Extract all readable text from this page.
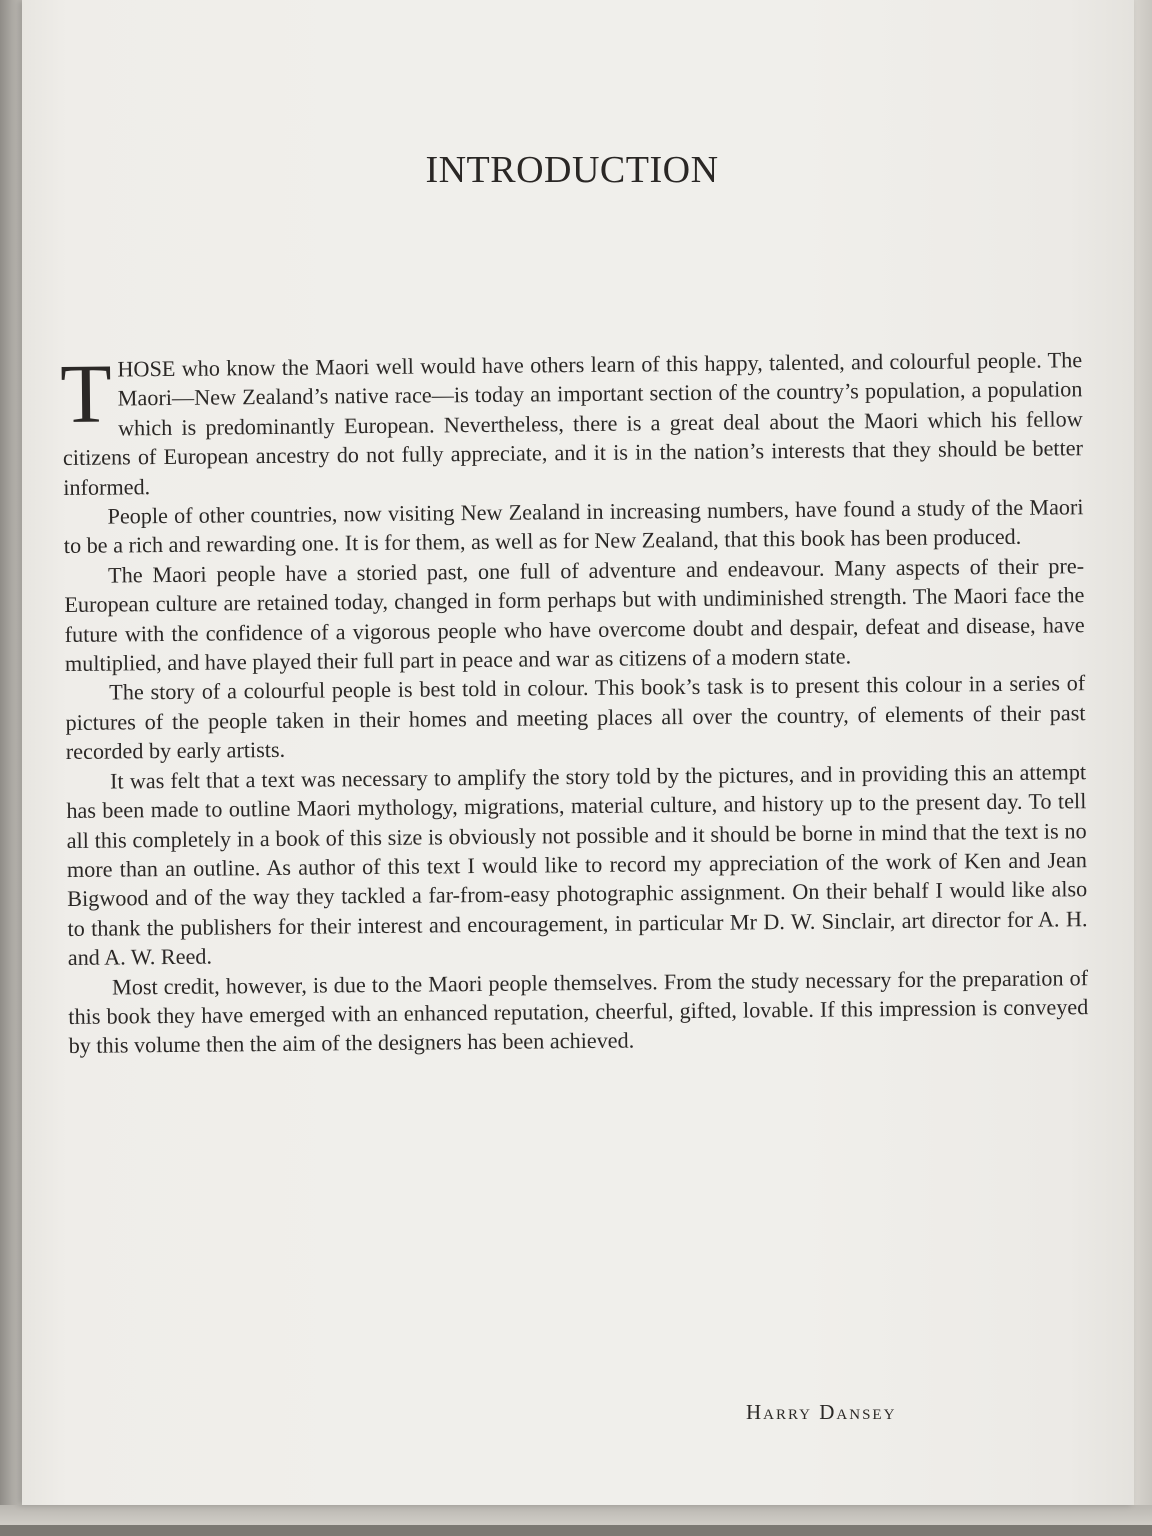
INTRODUCTION

THOSE who know the Maori well would have others learn of this happy, talented, and colourful people. The Maori—New Zealand’s native race—is today an important section of the country’s population, a population which is predominantly European. Nevertheless, there is a great deal about the Maori which his fellow citizens of European ancestry do not fully appreciate, and it is in the nation’s interests that they should be better informed.

People of other countries, now visiting New Zealand in increasing numbers, have found a study of the Maori to be a rich and rewarding one. It is for them, as well as for New Zealand, that this book has been produced.

The Maori people have a storied past, one full of adventure and endeavour. Many aspects of their pre-European culture are retained today, changed in form perhaps but with undiminished strength. The Maori face the future with the confidence of a vigorous people who have overcome doubt and despair, defeat and disease, have multiplied, and have played their full part in peace and war as citizens of a modern state.

The story of a colourful people is best told in colour. This book’s task is to present this colour in a series of pictures of the people taken in their homes and meeting places all over the country, of elements of their past recorded by early artists.

It was felt that a text was necessary to amplify the story told by the pictures, and in providing this an attempt has been made to outline Maori mythology, migrations, material culture, and history up to the present day. To tell all this completely in a book of this size is obviously not possible and it should be borne in mind that the text is no more than an outline. As author of this text I would like to record my appreciation of the work of Ken and Jean Bigwood and of the way they tackled a far-from-easy photographic assignment. On their behalf I would like also to thank the publishers for their interest and encouragement, in particular Mr D. W. Sinclair, art director for A. H. and A. W. Reed.

Most credit, however, is due to the Maori people themselves. From the study necessary for the preparation of this book they have emerged with an enhanced reputation, cheerful, gifted, lovable. If this impression is conveyed by this volume then the aim of the designers has been achieved.

Harry Dansey
